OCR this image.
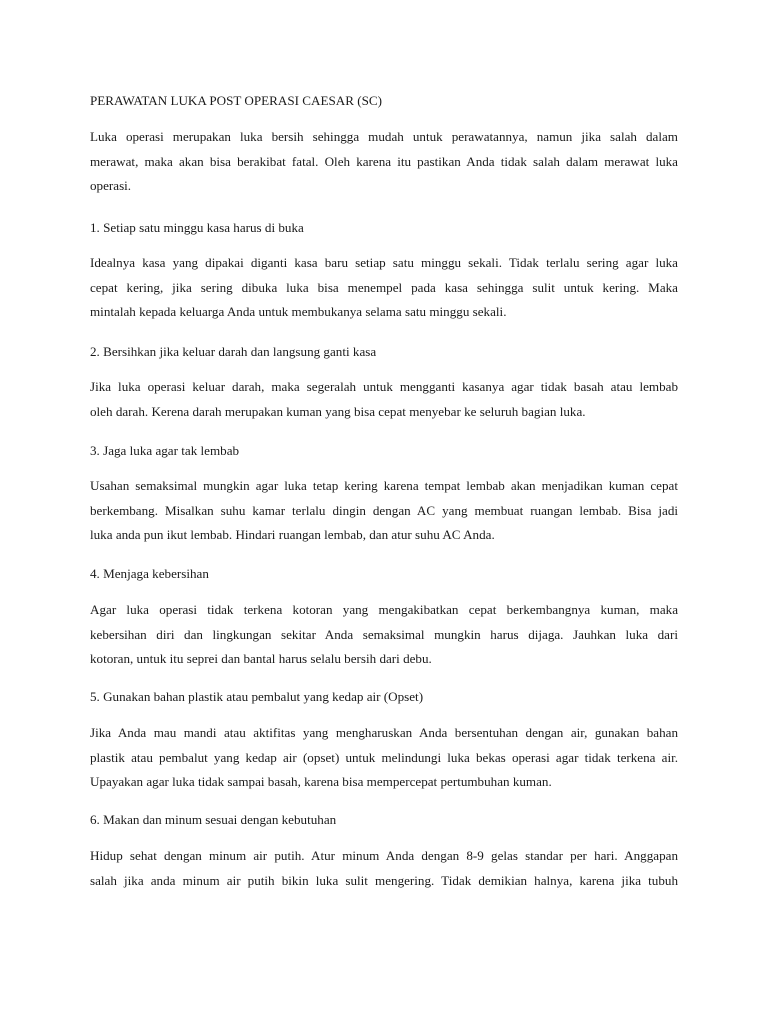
PERAWATAN LUKA POST OPERASI CAESAR (SC)
Luka operasi merupakan luka bersih sehingga mudah untuk perawatannya, namun jika salah dalam
merawat, maka akan bisa berakibat fatal. Oleh karena itu pastikan Anda tidak salah dalam merawat luka
operasi.
1. Setiap satu minggu kasa harus di buka
Idealnya kasa yang dipakai diganti kasa baru setiap satu minggu sekali. Tidak terlalu sering agar luka
cepat kering, jika sering dibuka luka bisa menempel pada kasa sehingga sulit untuk kering. Maka
mintalah kepada keluarga Anda untuk membukanya selama satu minggu sekali.
2. Bersihkan jika keluar darah dan langsung ganti kasa
Jika luka operasi keluar darah, maka segeralah untuk mengganti kasanya agar tidak basah atau lembab
oleh darah. Kerena darah merupakan kuman yang bisa cepat menyebar ke seluruh bagian luka.
3. Jaga luka agar tak lembab
Usahan semaksimal mungkin agar luka tetap kering karena tempat lembab akan menjadikan kuman cepat
berkembang. Misalkan suhu kamar terlalu dingin dengan AC yang membuat ruangan lembab. Bisa jadi
luka anda pun ikut lembab. Hindari ruangan lembab, dan atur suhu AC Anda.
4. Menjaga kebersihan
Agar luka operasi tidak terkena kotoran yang mengakibatkan cepat berkembangnya kuman, maka
kebersihan diri dan lingkungan sekitar Anda semaksimal mungkin harus dijaga. Jauhkan luka dari
kotoran, untuk itu seprei dan bantal harus selalu bersih dari debu.
5. Gunakan bahan plastik atau pembalut yang kedap air (Opset)
Jika Anda mau mandi atau aktifitas yang mengharuskan Anda bersentuhan dengan air, gunakan bahan
plastik atau pembalut yang kedap air (opset) untuk melindungi luka bekas operasi agar tidak terkena air.
Upayakan agar luka tidak sampai basah, karena bisa mempercepat pertumbuhan kuman.
6. Makan dan minum sesuai dengan kebutuhan
Hidup sehat dengan minum air putih. Atur minum Anda dengan 8-9 gelas standar per hari. Anggapan
salah jika anda minum air putih bikin luka sulit mengering. Tidak demikian halnya, karena jika tubuh
